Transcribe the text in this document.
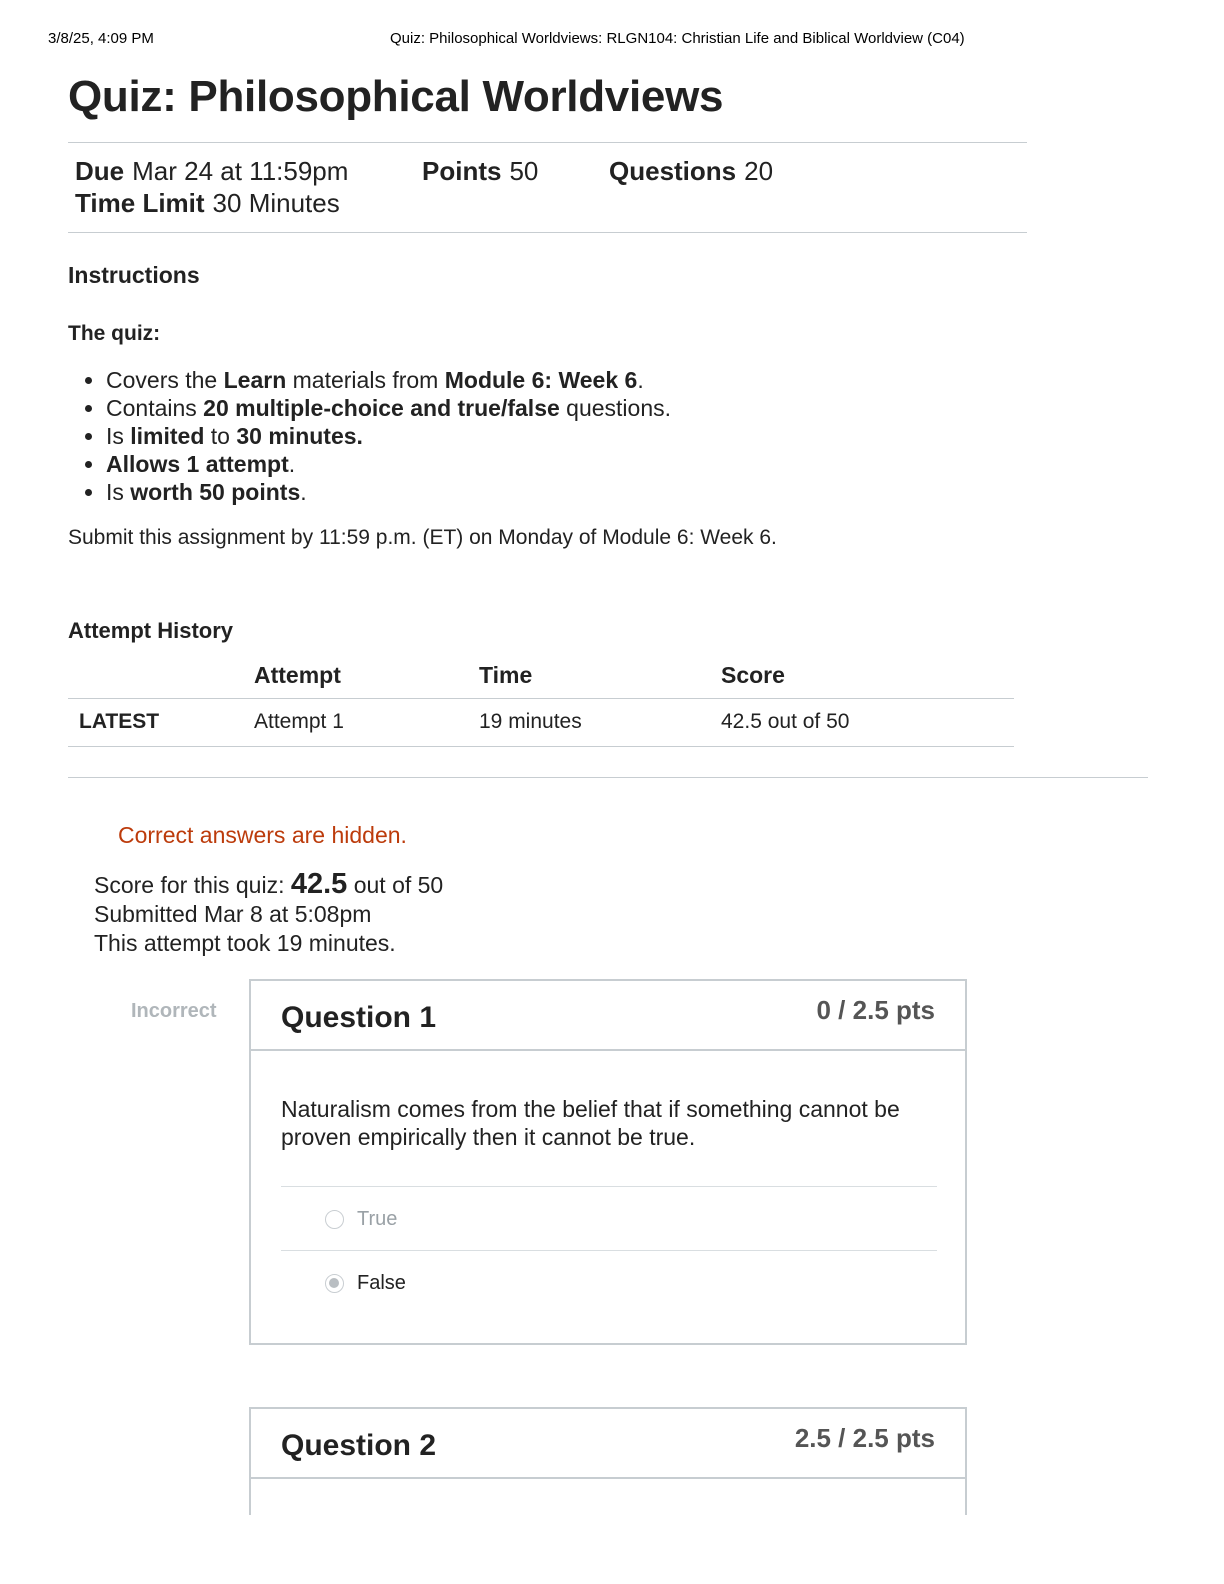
3/8/25, 4:09 PM	Quiz: Philosophical Worldviews: RLGN104: Christian Life and Biblical Worldview (C04)
Quiz: Philosophical Worldviews
Due Mar 24 at 11:59pm	Points 50	Questions 20
Time Limit 30 Minutes
Instructions
The quiz:
• Covers the Learn materials from Module 6: Week 6.
• Contains 20 multiple-choice and true/false questions.
• Is limited to 30 minutes.
• Allows 1 attempt.
• Is worth 50 points.

Submit this assignment by 11:59 p.m. (ET) on Monday of Module 6: Week 6.

Attempt History
	Attempt	Time	Score
LATEST	Attempt 1	19 minutes	42.5 out of 50

Correct answers are hidden.

Score for this quiz: 42.5 out of 50
Submitted Mar 8 at 5:08pm
This attempt took 19 minutes.
Incorrect Question 1	0 / 2.5 pts

Naturalism comes from the belief that if something cannot be proven empirically then it cannot be true.

True
False
Question 2	2.5 / 2.5 pts
